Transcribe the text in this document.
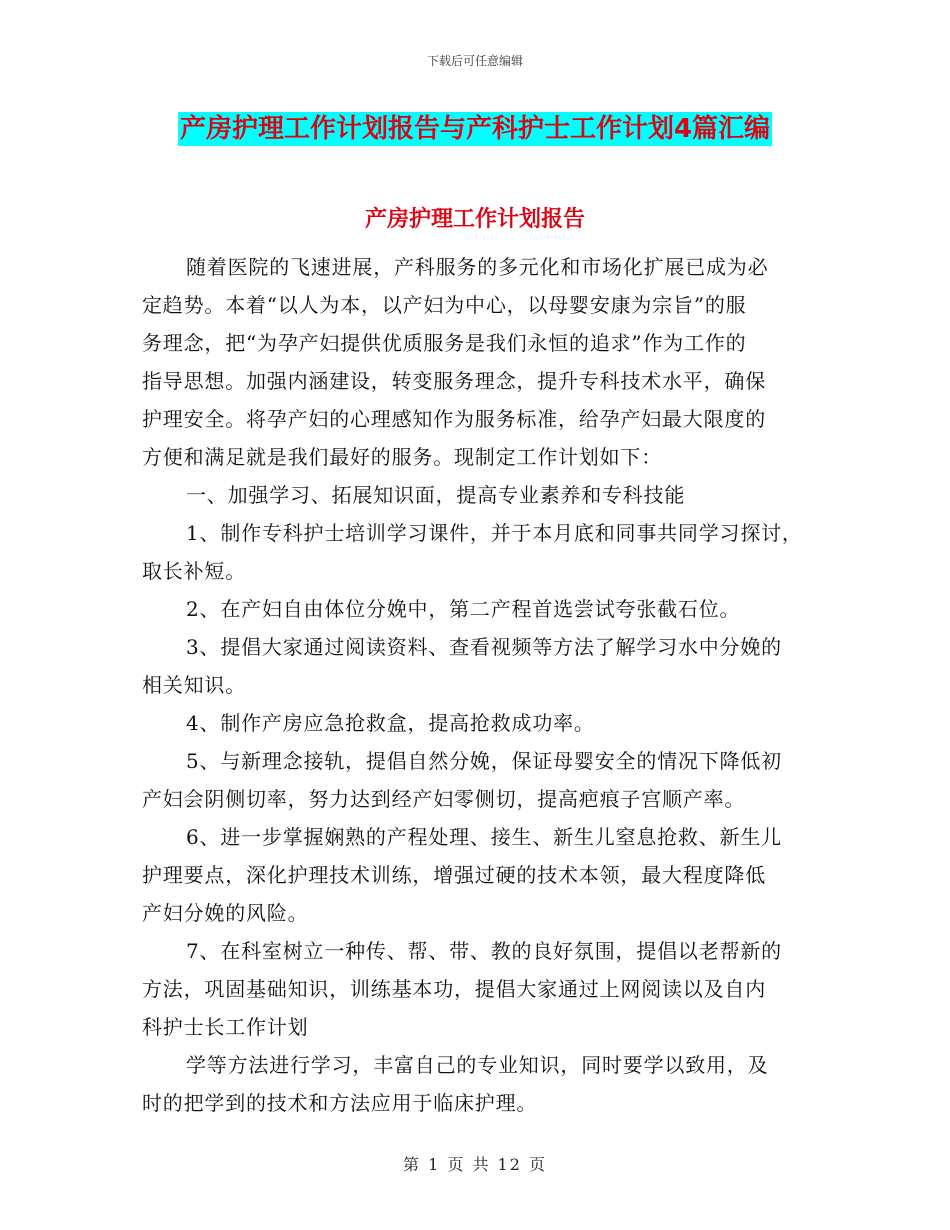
下载后可任意编辑
产房护理工作计划报告与产科护士工作计划4篇汇编
产房护理工作计划报告
随着医院的飞速进展，产科服务的多元化和市场化扩展已成为必
定趋势。本着“以人为本，以产妇为中心，以母婴安康为宗旨”的服
务理念，把“为孕产妇提供优质服务是我们永恒的追求”作为工作的
指导思想。加强内涵建设，转变服务理念，提升专科技术水平，确保
护理安全。将孕产妇的心理感知作为服务标准，给孕产妇最大限度的
方便和满足就是我们最好的服务。现制定工作计划如下：
一、加强学习、拓展知识面，提高专业素养和专科技能
1、制作专科护士培训学习课件，并于本月底和同事共同学习探讨，
取长补短。
2、在产妇自由体位分娩中，第二产程首选尝试夸张截石位。
3、提倡大家通过阅读资料、查看视频等方法了解学习水中分娩的
相关知识。
4、制作产房应急抢救盒，提高抢救成功率。
5、与新理念接轨，提倡自然分娩，保证母婴安全的情况下降低初
产妇会阴侧切率，努力达到经产妇零侧切，提高疤痕子宫顺产率。
6、进一步掌握娴熟的产程处理、接生、新生儿窒息抢救、新生儿
护理要点，深化护理技术训练，增强过硬的技术本领，最大程度降低
产妇分娩的风险。
7、在科室树立一种传、帮、带、教的良好氛围，提倡以老帮新的
方法，巩固基础知识，训练基本功，提倡大家通过上网阅读以及自内
科护士长工作计划
学等方法进行学习，丰富自己的专业知识，同时要学以致用，及
时的把学到的技术和方法应用于临床护理。
第 1 页 共 12 页
